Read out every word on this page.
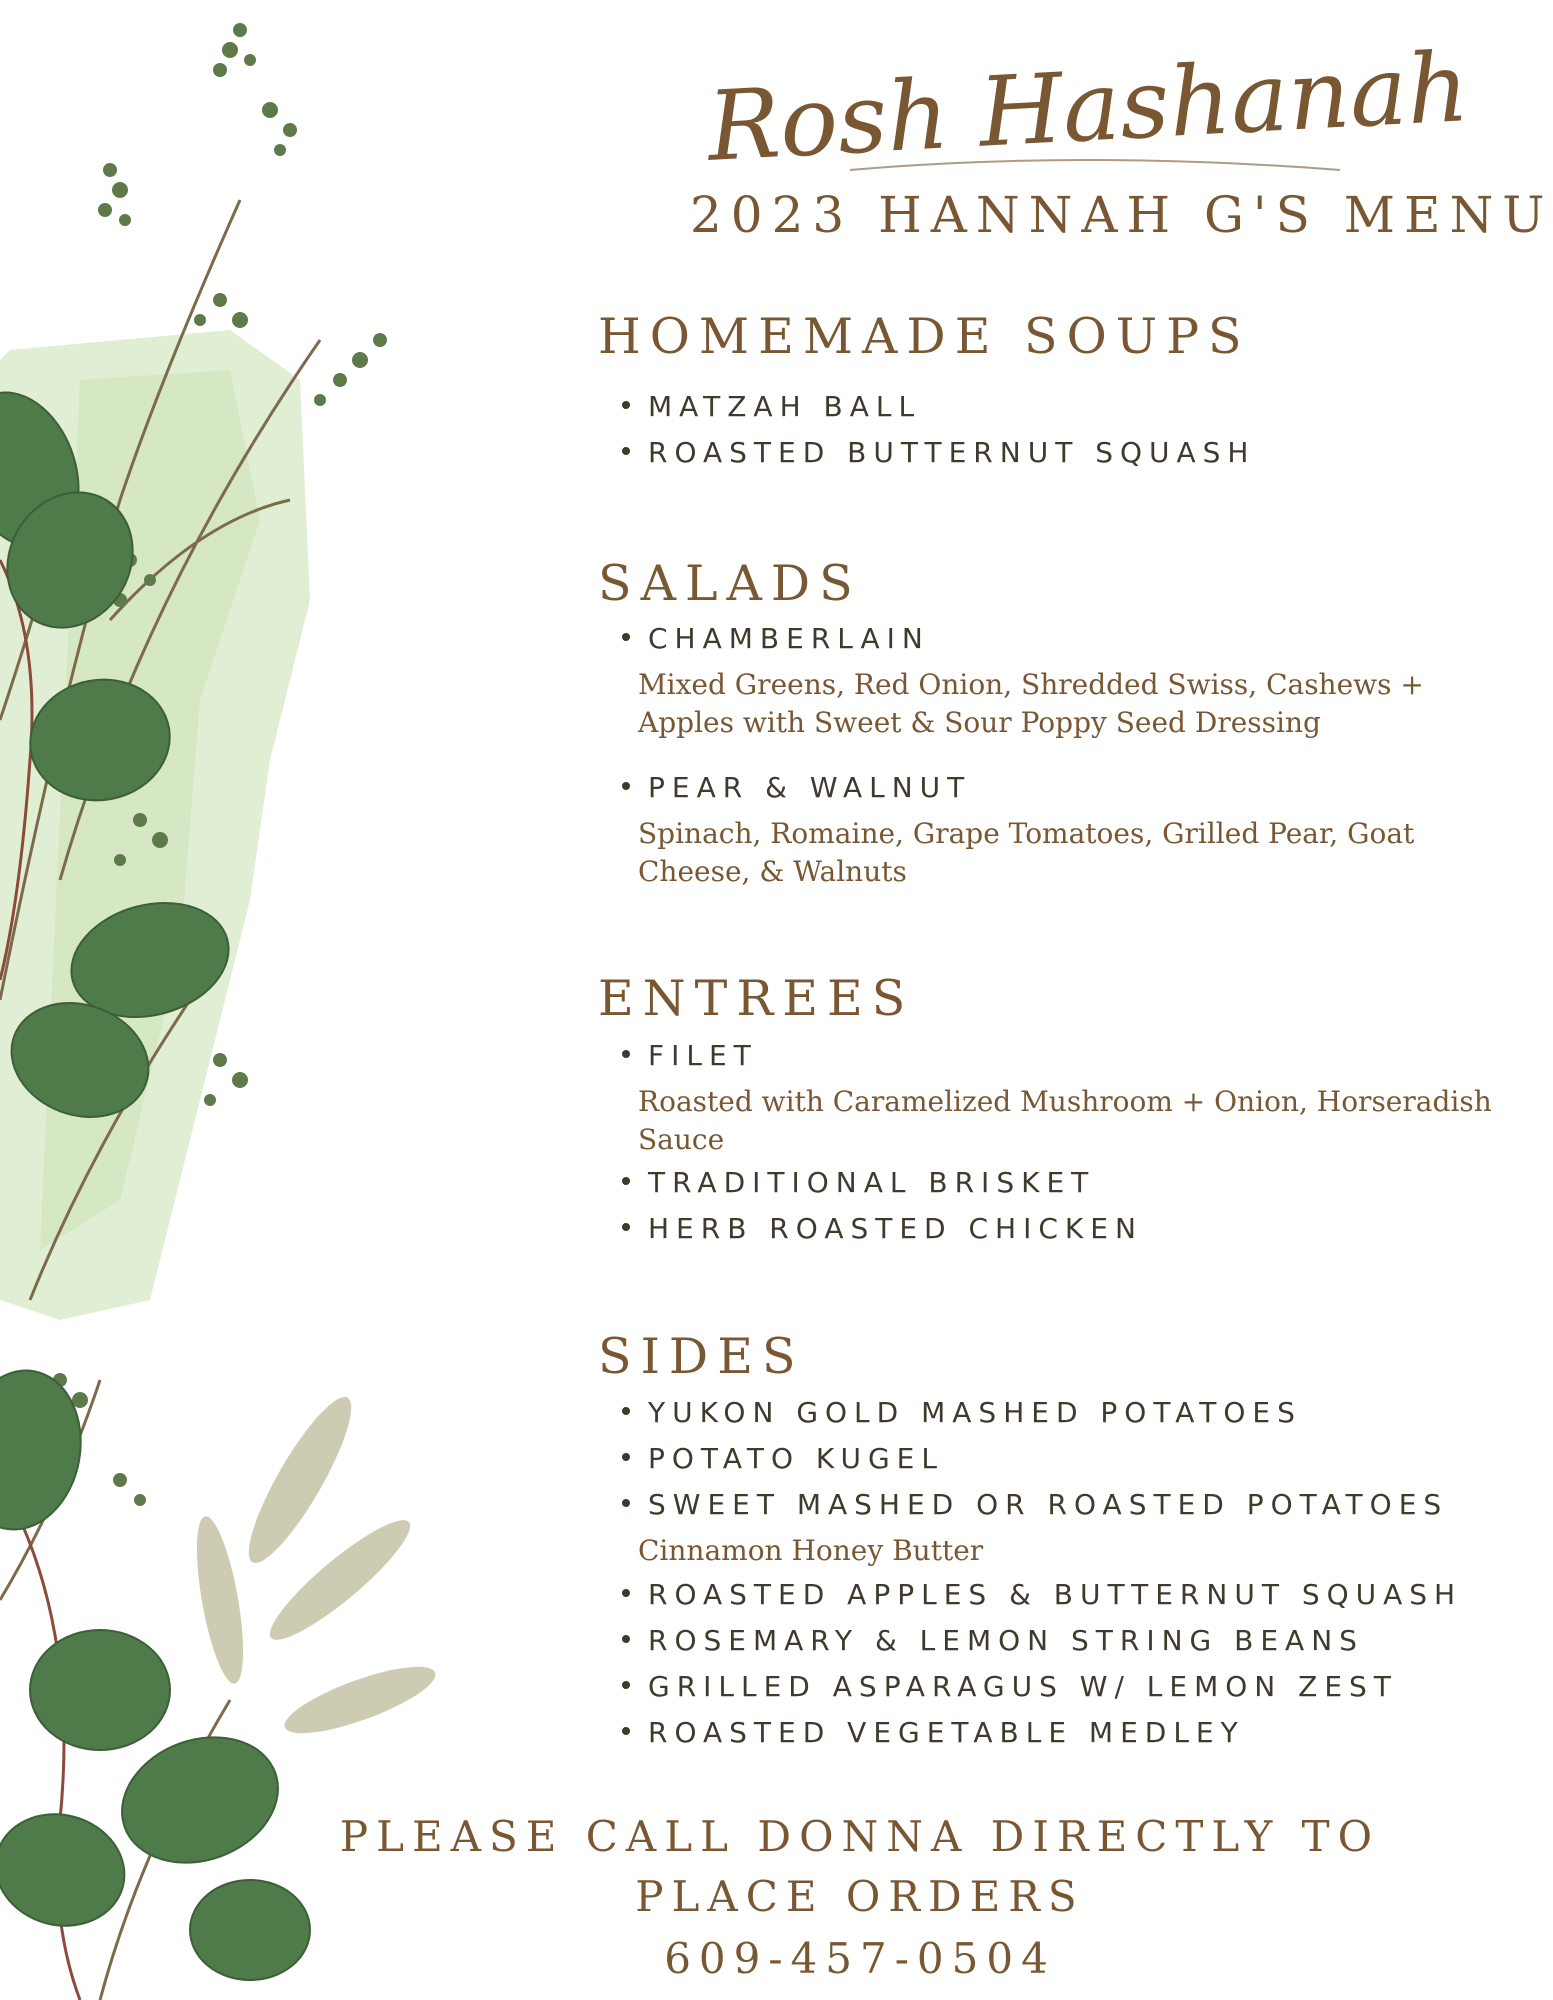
Rosh Hashanah
2023 HANNAH G'S MENU
HOMEMADE SOUPS
MATZAH BALL
ROASTED BUTTERNUT SQUASH
SALADS
CHAMBERLAIN
Mixed Greens, Red Onion, Shredded Swiss, Cashews + Apples with Sweet & Sour Poppy Seed Dressing
PEAR & WALNUT
Spinach, Romaine, Grape Tomatoes, Grilled Pear, Goat Cheese, & Walnuts
ENTREES
FILET
Roasted with Caramelized Mushroom + Onion, Horseradish Sauce
TRADITIONAL BRISKET
HERB ROASTED CHICKEN
SIDES
YUKON GOLD MASHED POTATOES
POTATO KUGEL
SWEET MASHED OR ROASTED POTATOES
Cinnamon Honey Butter
ROASTED APPLES & BUTTERNUT SQUASH
ROSEMARY & LEMON STRING BEANS
GRILLED ASPARAGUS W/ LEMON ZEST
ROASTED VEGETABLE MEDLEY
PLEASE CALL DONNA DIRECTLY TO
PLACE ORDERS
609-457-0504
